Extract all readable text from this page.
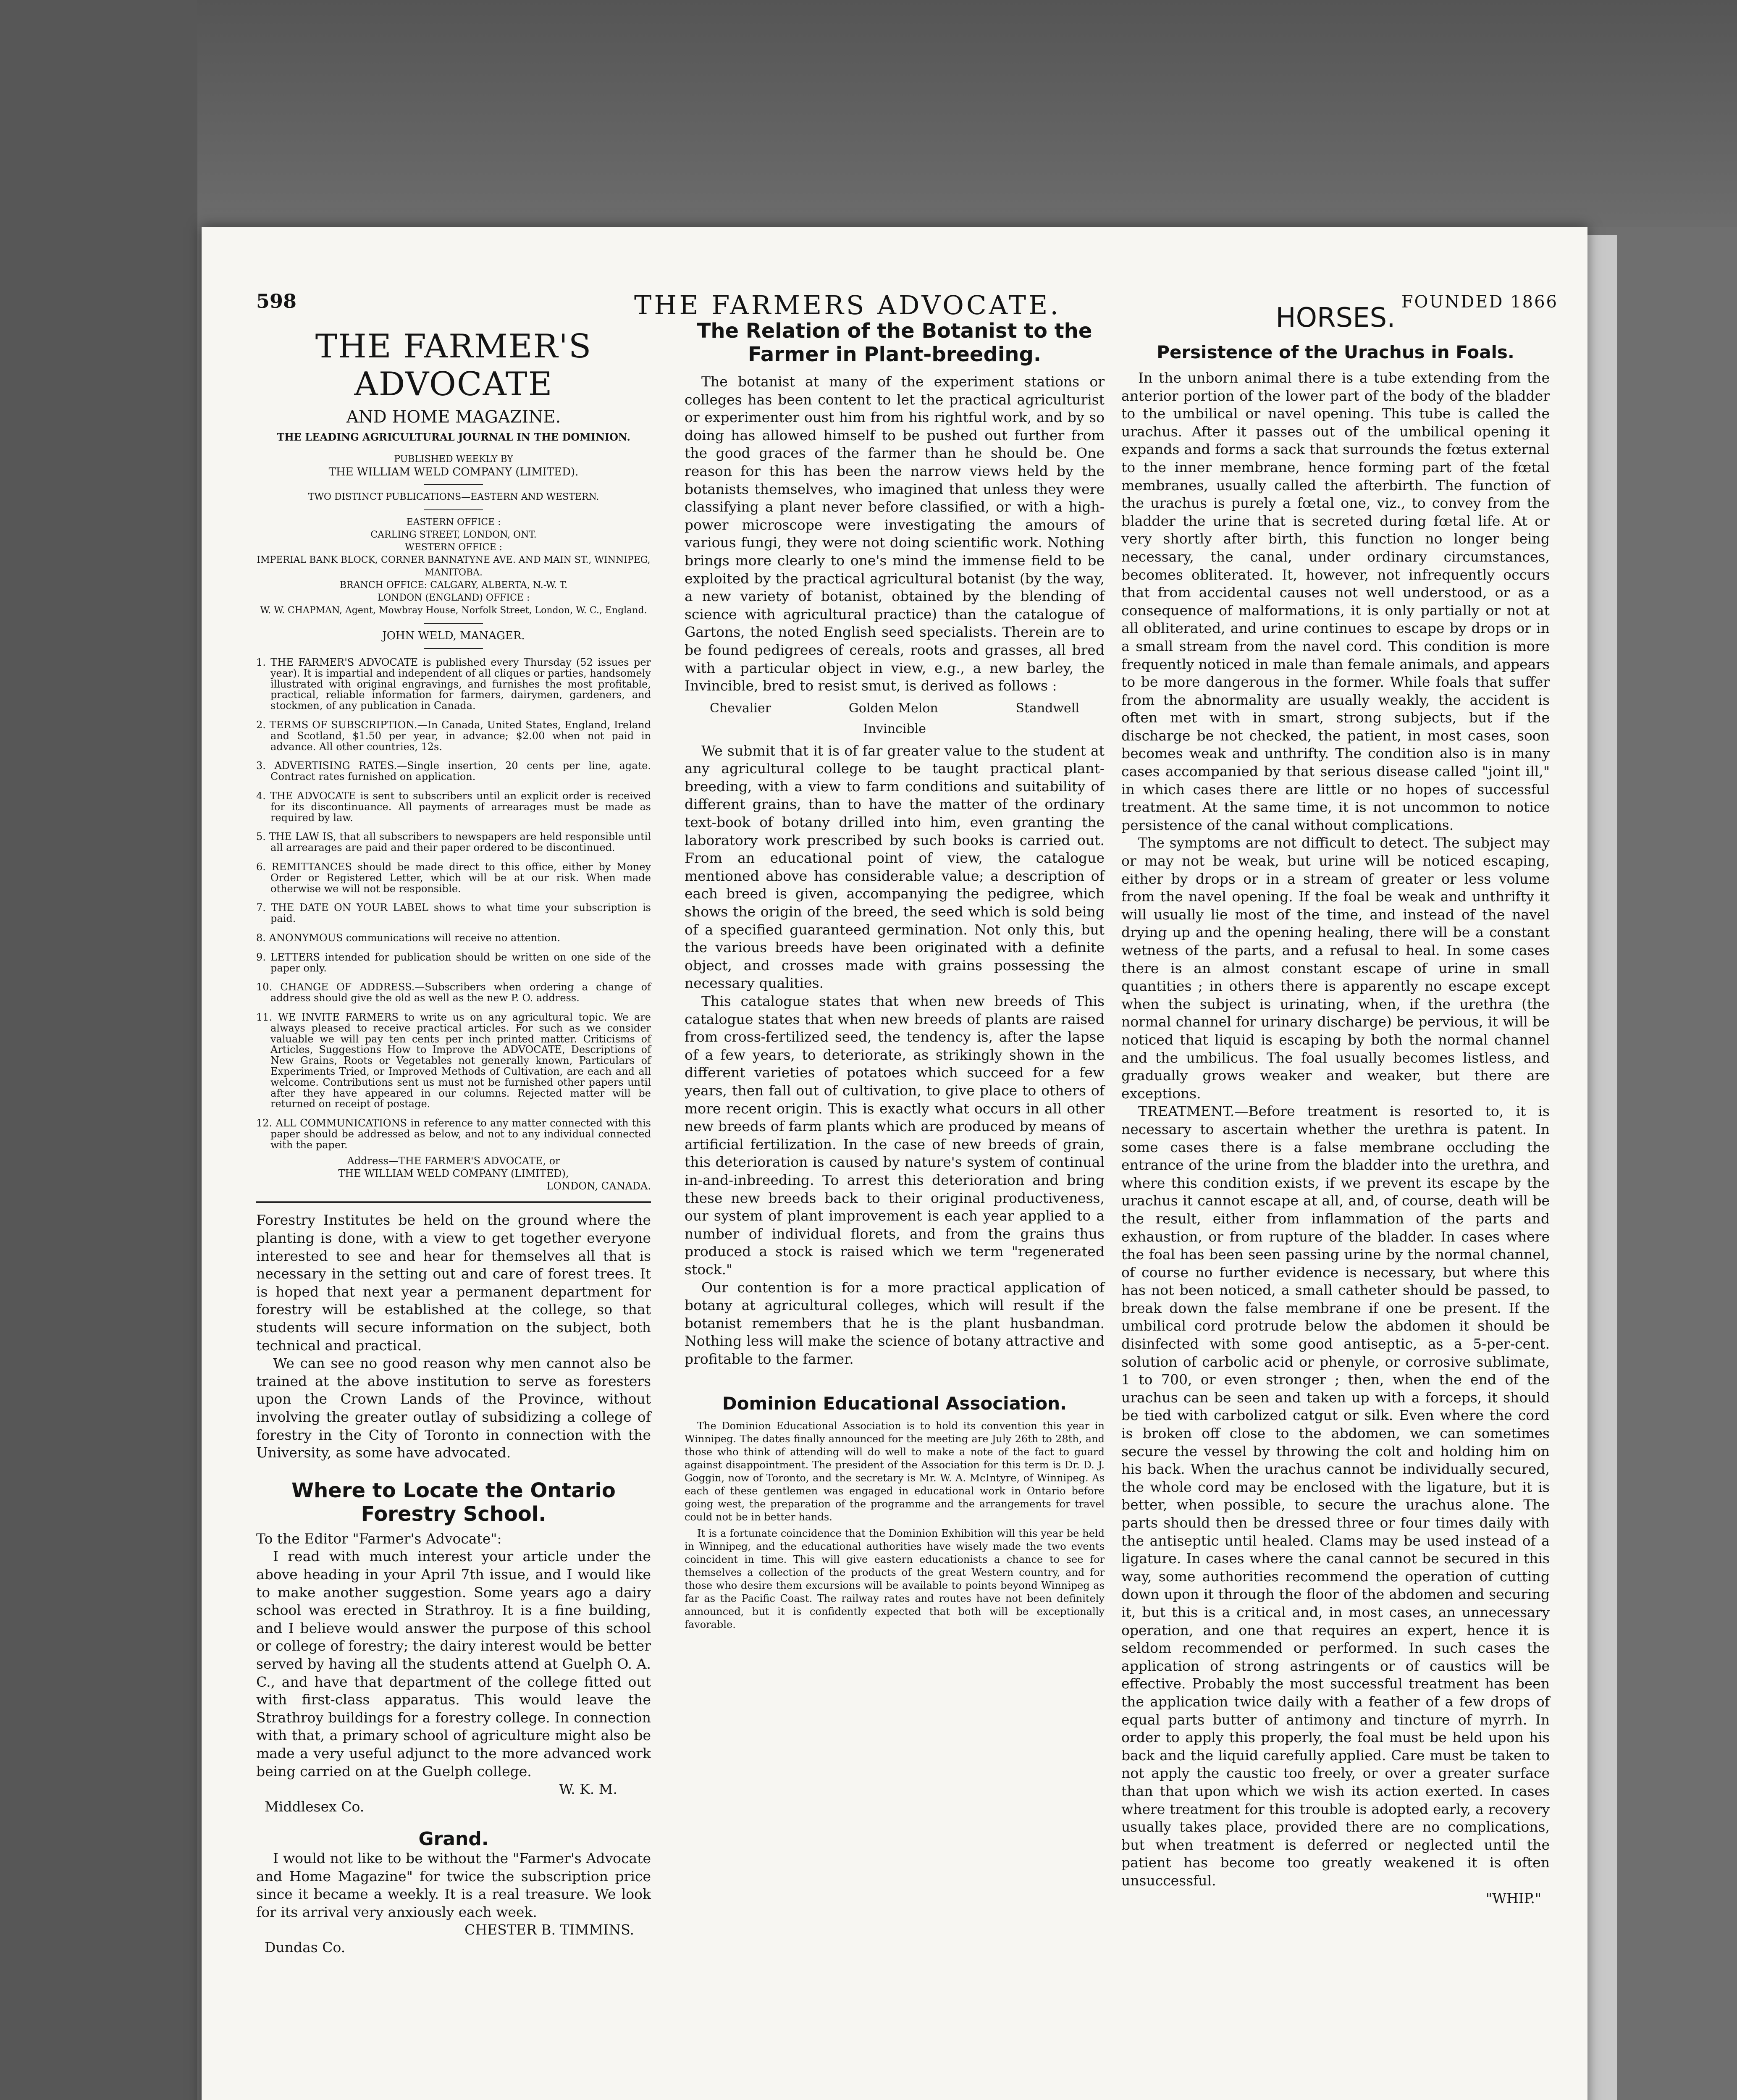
598	THE FARMERS ADVOCATE.	FOUNDED 1866
THE FARMER'S ADVOCATE
AND HOME MAGAZINE.
THE LEADING AGRICULTURAL JOURNAL IN THE DOMINION.

PUBLISHED WEEKLY BY

THE WILLIAM WELD COMPANY (LIMITED).

TWO DISTINCT PUBLICATIONS—EASTERN AND WESTERN.

EASTERN OFFICE :

CARLING STREET, LONDON, ONT.

WESTERN OFFICE :

IMPERIAL BANK BLOCK, CORNER BANNATYNE AVE. AND MAIN ST., WINNIPEG, MANITOBA.

BRANCH OFFICE: CALGARY, ALBERTA, N.-W. T.

LONDON (ENGLAND) OFFICE :

W. W. CHAPMAN, Agent, Mowbray House, Norfolk Street, London, W. C., England.

JOHN WELD, MANAGER.

1. THE FARMER'S ADVOCATE is published every Thursday (52 issues per year). It is impartial and independent of all cliques or parties, handsomely illustrated with original engravings, and furnishes the most profitable, practical, reliable information for farmers, dairymen, gardeners, and stockmen, of any publication in Canada.

2. TERMS OF SUBSCRIPTION.—In Canada, United States, England, Ireland and Scotland, $1.50 per year, in advance; $2.00 when not paid in advance. All other countries, 12s.

3. ADVERTISING RATES.—Single insertion, 20 cents per line, agate. Contract rates furnished on application.

4. THE ADVOCATE is sent to subscribers until an explicit order is received for its discontinuance. All payments of arrearages must be made as required by law.

5. THE LAW IS, that all subscribers to newspapers are held responsible until all arrearages are paid and their paper ordered to be discontinued.

6. REMITTANCES should be made direct to this office, either by Money Order or Registered Letter, which will be at our risk. When made otherwise we will not be responsible.

7. THE DATE ON YOUR LABEL shows to what time your subscription is paid.

8. ANONYMOUS communications will receive no attention.

9. LETTERS intended for publication should be written on one side of the paper only.

10. CHANGE OF ADDRESS.—Subscribers when ordering a change of address should give the old as well as the new P. O. address.

11. WE INVITE FARMERS to write us on any agricultural topic. We are always pleased to receive practical articles. For such as we consider valuable we will pay ten cents per inch printed matter. Criticisms of Articles, Suggestions How to Improve the ADVOCATE, Descriptions of New Grains, Roots or Vegetables not generally known, Particulars of Experiments Tried, or Improved Methods of Cultivation, are each and all welcome. Contributions sent us must not be furnished other papers until after they have appeared in our columns. Rejected matter will be returned on receipt of postage.

12. ALL COMMUNICATIONS in reference to any matter connected with this paper should be addressed as below, and not to any individual connected with the paper.

Address—THE FARMER'S ADVOCATE, or

THE WILLIAM WELD COMPANY (LIMITED),

LONDON, CANADA.

Forestry Institutes be held on the ground where the planting is done, with a view to get together everyone interested to see and hear for themselves all that is necessary in the setting out and care of forest trees. It is hoped that next year a permanent department for forestry will be established at the college, so that students will secure information on the subject, both technical and practical.

We can see no good reason why men cannot also be trained at the above institution to serve as foresters upon the Crown Lands of the Province, without involving the greater outlay of subsidizing a college of forestry in the City of Toronto in connection with the University, as some have advocated.

Where to Locate the Ontario Forestry School.

To the Editor "Farmer's Advocate":

I read with much interest your article under the above heading in your April 7th issue, and I would like to make another suggestion. Some years ago a dairy school was erected in Strathroy. It is a fine building, and I believe would answer the purpose of this school or college of forestry; the dairy interest would be better served by having all the students attend at Guelph O. A. C., and have that department of the college fitted out with first-class apparatus. This would leave the Strathroy buildings for a forestry college. In connection with that, a primary school of agriculture might also be made a very useful adjunct to the more advanced work being carried on at the Guelph college.

W. K. M.

Middlesex Co.

Grand.

I would not like to be without the "Farmer's Advocate and Home Magazine" for twice the subscription price since it became a weekly. It is a real treasure. We look for its arrival very anxiously each week.

CHESTER B. TIMMINS.

Dundas Co.

The Relation of the Botanist to the Farmer in Plant-breeding.

The botanist at many of the experiment stations or colleges has been content to let the practical agriculturist or experimenter oust him from his rightful work, and by so doing has allowed himself to be pushed out further from the good graces of the farmer than he should be. One reason for this has been the narrow views held by the botanists themselves, who imagined that unless they were classifying a plant never before classified, or with a high-power microscope were investigating the amours of various fungi, they were not doing scientific work. Nothing brings more clearly to one's mind the immense field to be exploited by the practical agricultural botanist (by the way, a new variety of botanist, obtained by the blending of science with agricultural practice) than the catalogue of Gartons, the noted English seed specialists. Therein are to be found pedigrees of cereals, roots and grasses, all bred with a particular object in view, e.g., a new barley, the Invincible, bred to resist smut, is derived as follows :

Chevalier	Golden Melon	Standwell
Invincible

We submit that it is of far greater value to the student at any agricultural college to be taught practical plant-breeding, with a view to farm conditions and suitability of different grains, than to have the matter of the ordinary text-book of botany drilled into him, even granting the laboratory work prescribed by such books is carried out. From an educational point of view, the catalogue mentioned above has considerable value; a description of each breed is given, accompanying the pedigree, which shows the origin of the breed, the seed which is sold being of a specified guaranteed germination. Not only this, but the various breeds have been originated with a definite object, and crosses made with grains possessing the necessary qualities.

This catalogue states that when new breeds of This catalogue states that when new breeds of plants are raised from cross-fertilized seed, the tendency is, after the lapse of a few years, to deteriorate, as strikingly shown in the different varieties of potatoes which succeed for a few years, then fall out of cultivation, to give place to others of more recent origin. This is exactly what occurs in all other new breeds of farm plants which are produced by means of artificial fertilization. In the case of new breeds of grain, this deterioration is caused by nature's system of continual in-and-inbreeding. To arrest this deterioration and bring these new breeds back to their original productiveness, our system of plant improvement is each year applied to a number of individual florets, and from the grains thus produced a stock is raised which we term "regenerated stock."

Our contention is for a more practical application of botany at agricultural colleges, which will result if the botanist remembers that he is the plant husbandman. Nothing less will make the science of botany attractive and profitable to the farmer.

Dominion Educational Association.

The Dominion Educational Association is to hold its convention this year in Winnipeg. The dates finally announced for the meeting are July 26th to 28th, and those who think of attending will do well to make a note of the fact to guard against disappointment. The president of the Association for this term is Dr. D. J. Goggin, now of Toronto, and the secretary is Mr. W. A. McIntyre, of Winnipeg. As each of these gentlemen was engaged in educational work in Ontario before going west, the preparation of the programme and the arrangements for travel could not be in better hands.

It is a fortunate coincidence that the Dominion Exhibition will this year be held in Winnipeg, and the educational authorities have wisely made the two events coincident in time. This will give eastern educationists a chance to see for themselves a collection of the products of the great Western country, and for those who desire them excursions will be available to points beyond Winnipeg as far as the Pacific Coast. The railway rates and routes have not been definitely announced, but it is confidently expected that both will be exceptionally favorable.

HORSES.

Persistence of the Urachus in Foals.

In the unborn animal there is a tube extending from the anterior portion of the lower part of the body of the bladder to the umbilical or navel opening. This tube is called the urachus. After it passes out of the umbilical opening it expands and forms a sack that surrounds the fœtus external to the inner membrane, hence forming part of the fœtal membranes, usually called the afterbirth. The function of the urachus is purely a fœtal one, viz., to convey from the bladder the urine that is secreted during fœtal life. At or very shortly after birth, this function no longer being necessary, the canal, under ordinary circumstances, becomes obliterated. It, however, not infrequently occurs that from accidental causes not well understood, or as a consequence of malformations, it is only partially or not at all obliterated, and urine continues to escape by drops or in a small stream from the navel cord. This condition is more frequently noticed in male than female animals, and appears to be more dangerous in the former. While foals that suffer from the abnormality are usually weakly, the accident is often met with in smart, strong subjects, but if the discharge be not checked, the patient, in most cases, soon becomes weak and unthrifty. The condition also is in many cases accompanied by that serious disease called "joint ill," in which cases there are little or no hopes of successful treatment. At the same time, it is not uncommon to notice persistence of the canal without complications.

The symptoms are not difficult to detect. The subject may or may not be weak, but urine will be noticed escaping, either by drops or in a stream of greater or less volume from the navel opening. If the foal be weak and unthrifty it will usually lie most of the time, and instead of the navel drying up and the opening healing, there will be a constant wetness of the parts, and a refusal to heal. In some cases there is an almost constant escape of urine in small quantities ; in others there is apparently no escape except when the subject is urinating, when, if the urethra (the normal channel for urinary discharge) be pervious, it will be noticed that liquid is escaping by both the normal channel and the umbilicus. The foal usually becomes listless, and gradually grows weaker and weaker, but there are exceptions.

TREATMENT.—Before treatment is resorted to, it is necessary to ascertain whether the urethra is patent. In some cases there is a false membrane occluding the entrance of the urine from the bladder into the urethra, and where this condition exists, if we prevent its escape by the urachus it cannot escape at all, and, of course, death will be the result, either from inflammation of the parts and exhaustion, or from rupture of the bladder. In cases where the foal has been seen passing urine by the normal channel, of course no further evidence is necessary, but where this has not been noticed, a small catheter should be passed, to break down the false membrane if one be present. If the umbilical cord protrude below the abdomen it should be disinfected with some good antiseptic, as a 5-per-cent. solution of carbolic acid or phenyle, or corrosive sublimate, 1 to 700, or even stronger ; then, when the end of the urachus can be seen and taken up with a forceps, it should be tied with carbolized catgut or silk. Even where the cord is broken off close to the abdomen, we can sometimes secure the vessel by throwing the colt and holding him on his back. When the urachus cannot be individually secured, the whole cord may be enclosed with the ligature, but it is better, when possible, to secure the urachus alone. The parts should then be dressed three or four times daily with the antiseptic until healed. Clams may be used instead of a ligature. In cases where the canal cannot be secured in this way, some authorities recommend the operation of cutting down upon it through the floor of the abdomen and securing it, but this is a critical and, in most cases, an unnecessary operation, and one that requires an expert, hence it is seldom recommended or performed. In such cases the application of strong astringents or of caustics will be effective. Probably the most successful treatment has been the application twice daily with a feather of a few drops of equal parts butter of antimony and tincture of myrrh. In order to apply this properly, the foal must be held upon his back and the liquid carefully applied. Care must be taken to not apply the caustic too freely, or over a greater surface than that upon which we wish its action exerted. In cases where treatment for this trouble is adopted early, a recovery usually takes place, provided there are no complications, but when treatment is deferred or neglected until the patient has become too greatly weakened it is often unsuccessful.

"WHIP."
